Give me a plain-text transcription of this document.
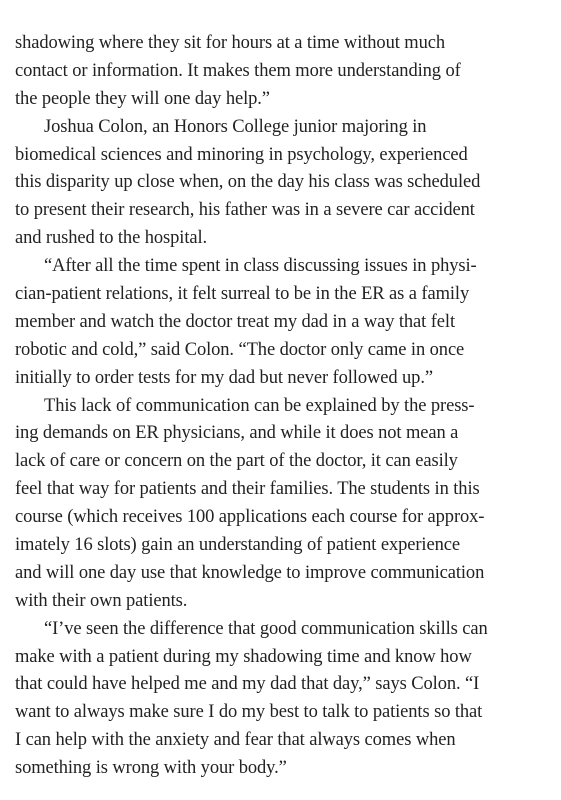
shadowing where they sit for hours at a time without much
contact or information. It makes them more understanding of
the people they will one day help.”
Joshua Colon, an Honors College junior majoring in
biomedical sciences and minoring in psychology, experienced
this disparity up close when, on the day his class was scheduled
to present their research, his father was in a severe car accident
and rushed to the hospital.
“After all the time spent in class discussing issues in physi-
cian-patient relations, it felt surreal to be in the ER as a family
member and watch the doctor treat my dad in a way that felt
robotic and cold,” said Colon. “The doctor only came in once
initially to order tests for my dad but never followed up.”
This lack of communication can be explained by the press-
ing demands on ER physicians, and while it does not mean a
lack of care or concern on the part of the doctor, it can easily
feel that way for patients and their families. The students in this
course (which receives 100 applications each course for approx-
imately 16 slots) gain an understanding of patient experience
and will one day use that knowledge to improve communication
with their own patients.
“I’ve seen the difference that good communication skills can
make with a patient during my shadowing time and know how
that could have helped me and my dad that day,” says Colon. “I
want to always make sure I do my best to talk to patients so that
I can help with the anxiety and fear that always comes when
something is wrong with your body.”
